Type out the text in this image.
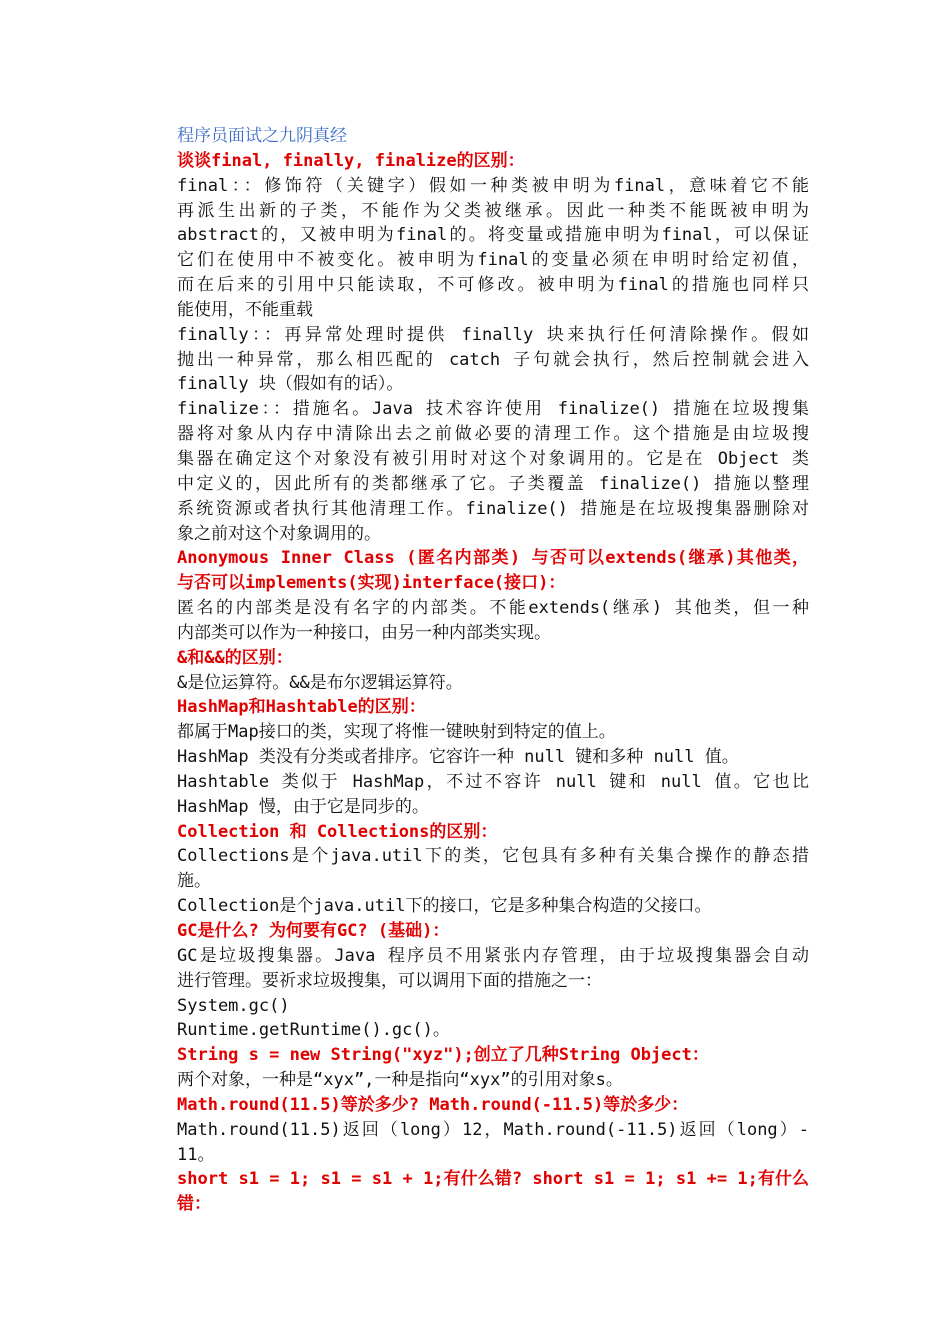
程序员面试之九阴真经
谈谈final, finally, finalize的区别：
final：：修饰符（关键字）假如一种类被申明为final，意味着它不能
再派生出新的子类，不能作为父类被继承。因此一种类不能既被申明为
abstract的，又被申明为final的。将变量或措施申明为final，可以保证
它们在使用中不被变化。被申明为final的变量必须在申明时给定初值，
而在后来的引用中只能读取，不可修改。被申明为final的措施也同样只
能使用，不能重载
finally：：再异常处理时提供 finally 块来执行任何清除操作。假如
抛出一种异常，那么相匹配的 catch 子句就会执行，然后控制就会进入
finally 块（假如有的话）。
finalize：：措施名。Java 技术容许使用 finalize() 措施在垃圾搜集
器将对象从内存中清除出去之前做必要的清理工作。这个措施是由垃圾搜
集器在确定这个对象没有被引用时对这个对象调用的。它是在 Object 类
中定义的，因此所有的类都继承了它。子类覆盖 finalize() 措施以整理
系统资源或者执行其他清理工作。finalize() 措施是在垃圾搜集器删除对
象之前对这个对象调用的。
Anonymous Inner Class (匿名内部类) 与否可以extends(继承)其他类，
与否可以implements(实现)interface(接口)：
匿名的内部类是没有名字的内部类。不能extends(继承) 其他类，但一种
内部类可以作为一种接口，由另一种内部类实现。
&和&&的区别：
&是位运算符。&&是布尔逻辑运算符。
HashMap和Hashtable的区别：
都属于Map接口的类，实现了将惟一键映射到特定的值上。
HashMap 类没有分类或者排序。它容许一种 null 键和多种 null 值。
Hashtable 类似于 HashMap，不过不容许 null 键和 null 值。它也比
HashMap 慢，由于它是同步的。
Collection 和 Collections的区别：
Collections是个java.util下的类，它包具有多种有关集合操作的静态措
施。
Collection是个java.util下的接口，它是多种集合构造的父接口。
GC是什么? 为何要有GC? (基础)：
GC是垃圾搜集器。Java 程序员不用紧张内存管理，由于垃圾搜集器会自动
进行管理。要祈求垃圾搜集，可以调用下面的措施之一：
System.gc()
Runtime.getRuntime().gc()。
String s = new String("xyz");创立了几种String Object：
两个对象，一种是“xyx”,一种是指向“xyx”的引用对象s。
Math.round(11.5)等於多少? Math.round(-11.5)等於多少：
Math.round(11.5)返回（long）12，Math.round(-11.5)返回（long）-
11。
short s1 = 1; s1 = s1 + 1;有什么错? short s1 = 1; s1 += 1;有什么
错：
